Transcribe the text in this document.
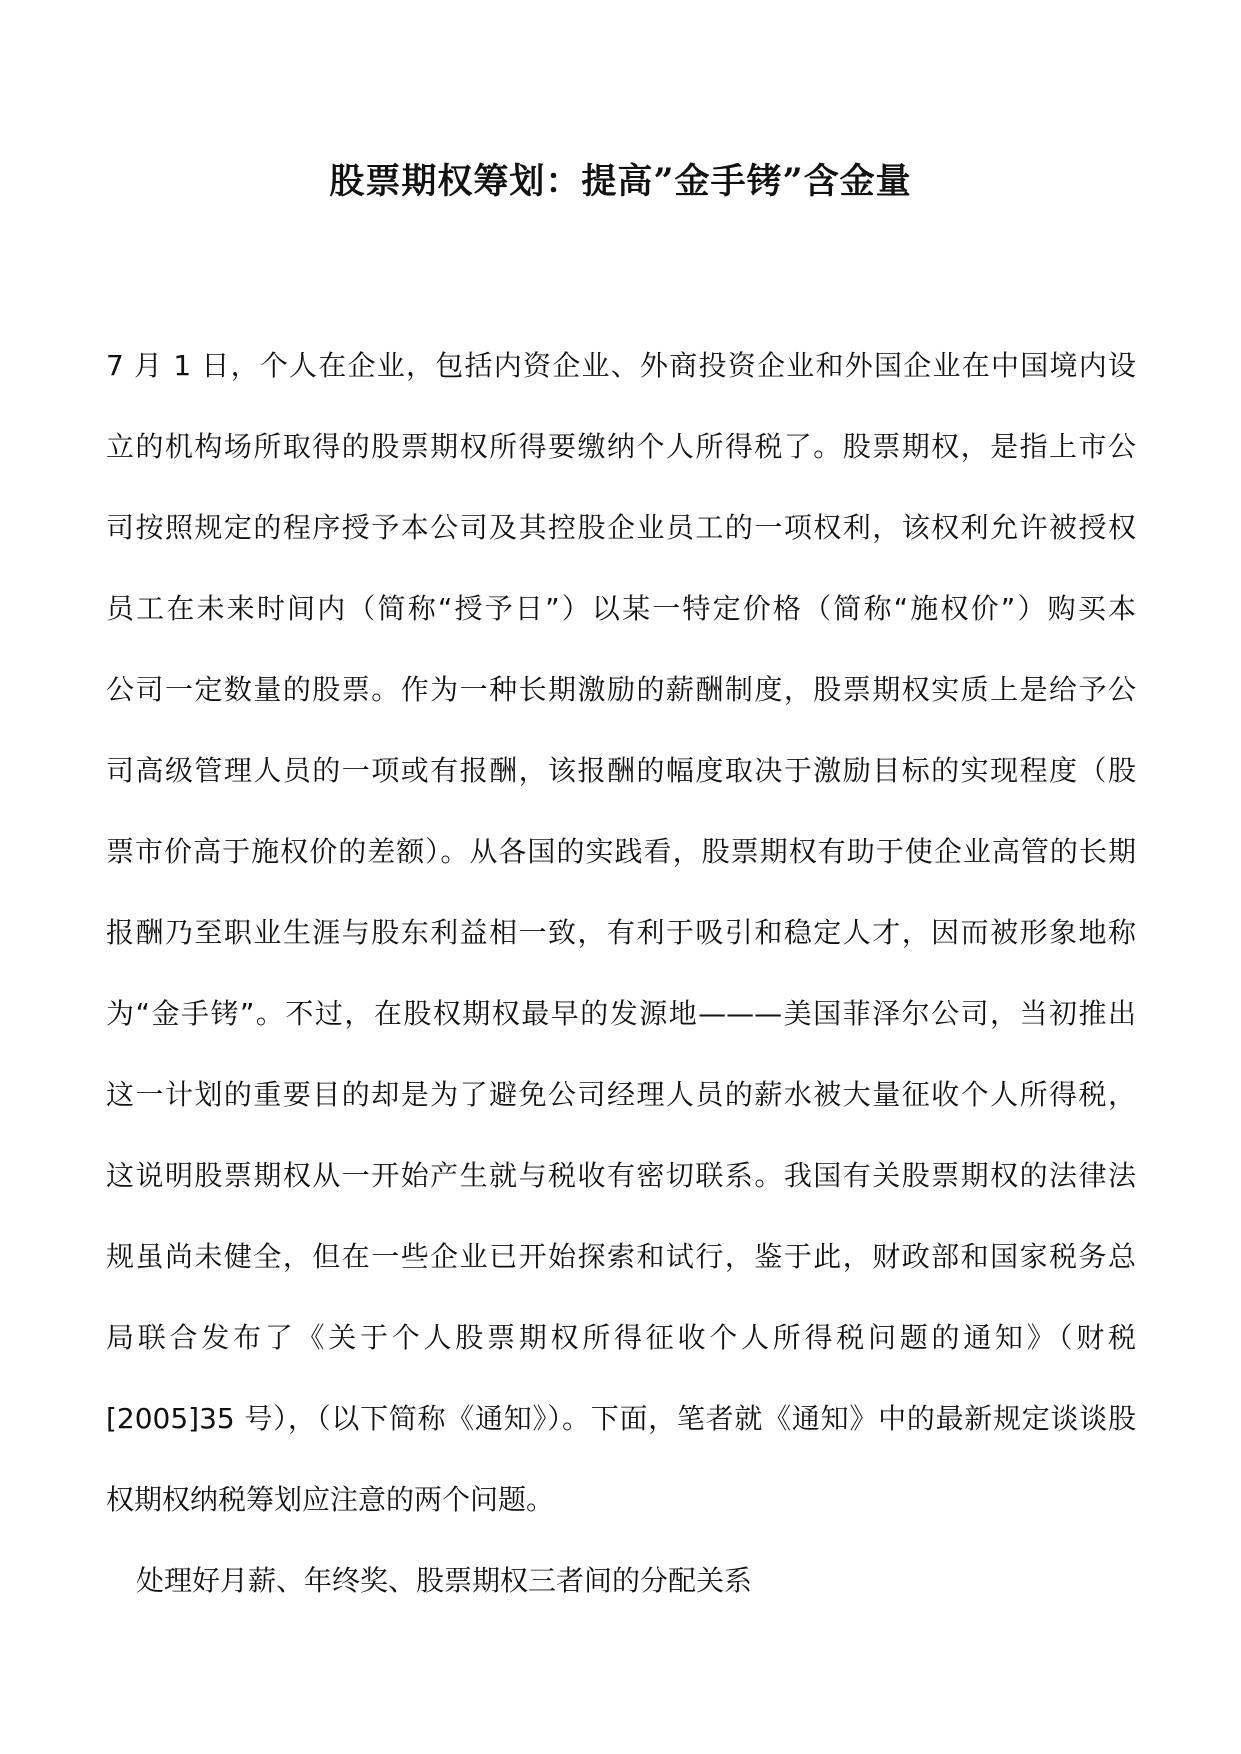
股票期权筹划：提高”金手铐”含金量
7 月 1 日，个人在企业，包括内资企业、外商投资企业和外国企业在中国境内设
立的机构场所取得的股票期权所得要缴纳个人所得税了。股票期权，是指上市公
司按照规定的程序授予本公司及其控股企业员工的一项权利，该权利允许被授权
员工在未来时间内（简称“授予日”）以某一特定价格（简称“施权价”）购买本
公司一定数量的股票。作为一种长期激励的薪酬制度，股票期权实质上是给予公
司高级管理人员的一项或有报酬，该报酬的幅度取决于激励目标的实现程度（股
票市价高于施权价的差额）。从各国的实践看，股票期权有助于使企业高管的长期
报酬乃至职业生涯与股东利益相一致，有利于吸引和稳定人才，因而被形象地称
为“金手铐”。不过，在股权期权最早的发源地———美国菲泽尔公司，当初推出
这一计划的重要目的却是为了避免公司经理人员的薪水被大量征收个人所得税，
这说明股票期权从一开始产生就与税收有密切联系。我国有关股票期权的法律法
规虽尚未健全，但在一些企业已开始探索和试行，鉴于此，财政部和国家税务总
局联合发布了《关于个人股票期权所得征收个人所得税问题的通知》（财税
[2005]35 号），（以下简称《通知》）。下面，笔者就《通知》中的最新规定谈谈股
权期权纳税筹划应注意的两个问题。
处理好月薪、年终奖、股票期权三者间的分配关系
